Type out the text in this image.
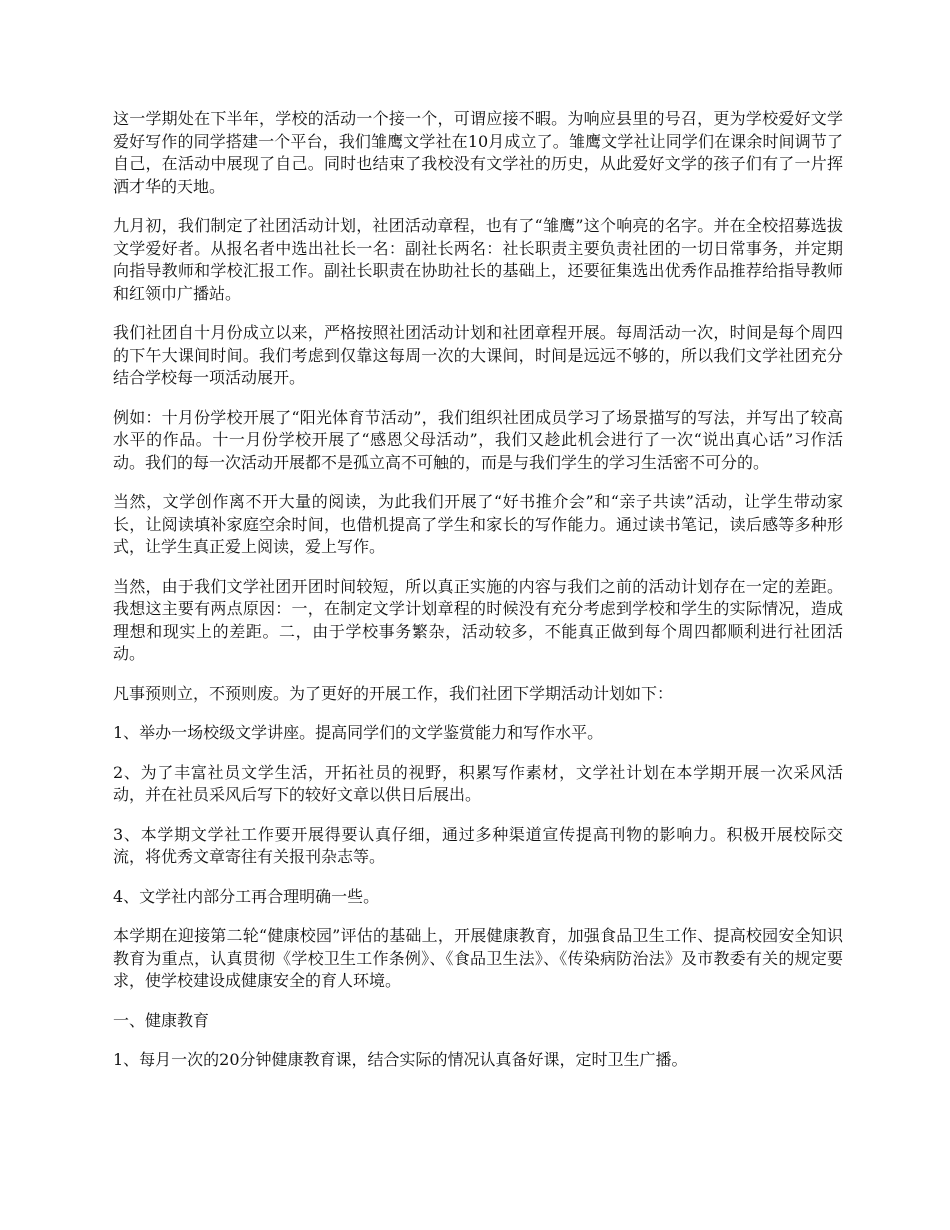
这一学期处在下半年，学校的活动一个接一个，可谓应接不暇。为响应县里的号召，更为学校爱好文学爱好写作的同学搭建一个平台，我们雏鹰文学社在10月成立了。雏鹰文学社让同学们在课余时间调节了自己，在活动中展现了自己。同时也结束了我校没有文学社的历史，从此爱好文学的孩子们有了一片挥洒才华的天地。

九月初，我们制定了社团活动计划，社团活动章程，也有了“雏鹰”这个响亮的名字。并在全校招募选拔文学爱好者。从报名者中选出社长一名：副社长两名：社长职责主要负责社团的一切日常事务，并定期向指导教师和学校汇报工作。副社长职责在协助社长的基础上，还要征集选出优秀作品推荐给指导教师和红领巾广播站。

我们社团自十月份成立以来，严格按照社团活动计划和社团章程开展。每周活动一次，时间是每个周四的下午大课间时间。我们考虑到仅靠这每周一次的大课间，时间是远远不够的，所以我们文学社团充分结合学校每一项活动展开。

例如：十月份学校开展了“阳光体育节活动”，我们组织社团成员学习了场景描写的写法，并写出了较高水平的作品。十一月份学校开展了“感恩父母活动”，我们又趁此机会进行了一次“说出真心话”习作活动。我们的每一次活动开展都不是孤立高不可触的，而是与我们学生的学习生活密不可分的。

当然，文学创作离不开大量的阅读，为此我们开展了“好书推介会”和“亲子共读”活动，让学生带动家长，让阅读填补家庭空余时间，也借机提高了学生和家长的写作能力。通过读书笔记，读后感等多种形式，让学生真正爱上阅读，爱上写作。

当然，由于我们文学社团开团时间较短，所以真正实施的内容与我们之前的活动计划存在一定的差距。我想这主要有两点原因：一，在制定文学计划章程的时候没有充分考虑到学校和学生的实际情况，造成理想和现实上的差距。二，由于学校事务繁杂，活动较多，不能真正做到每个周四都顺利进行社团活动。

凡事预则立，不预则废。为了更好的开展工作，我们社团下学期活动计划如下：

1、举办一场校级文学讲座。提高同学们的文学鉴赏能力和写作水平。

2、为了丰富社员文学生活，开拓社员的视野，积累写作素材，文学社计划在本学期开展一次采风活动，并在社员采风后写下的较好文章以供日后展出。

3、本学期文学社工作要开展得要认真仔细，通过多种渠道宣传提高刊物的影响力。积极开展校际交流，将优秀文章寄往有关报刊杂志等。

4、文学社内部分工再合理明确一些。

本学期在迎接第二轮“健康校园”评估的基础上，开展健康教育，加强食品卫生工作、提高校园安全知识教育为重点，认真贯彻《学校卫生工作条例》、《食品卫生法》、《传染病防治法》及市教委有关的规定要求，使学校建设成健康安全的育人环境。

一、健康教育

1、每月一次的20分钟健康教育课，结合实际的情况认真备好课，定时卫生广播。
